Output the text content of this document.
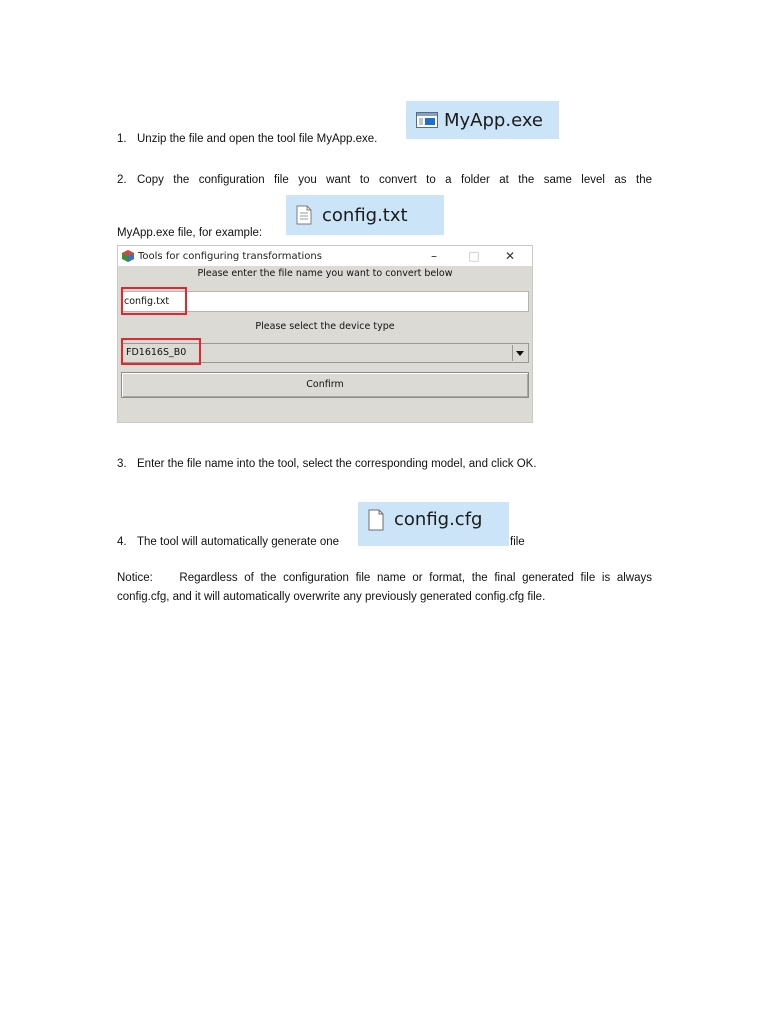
1. Unzip the file and open the tool file MyApp.exe.
MyApp.exe
2. Copy the configuration file you want to convert to a folder at the same level as the
MyApp.exe file, for example:
config.txt
Tools for configuring transformations	–	□	✕
Please enter the file name you want to convert below
config.txt
Please select the device type
FD1616S_B0
Confirm
3. Enter the file name into the tool, select the corresponding model, and click OK.
4. The tool will automatically generate one	file
config.cfg
Notice:    Regardless of the configuration file name or format, the final generated file is always
config.cfg, and it will automatically overwrite any previously generated config.cfg file.
